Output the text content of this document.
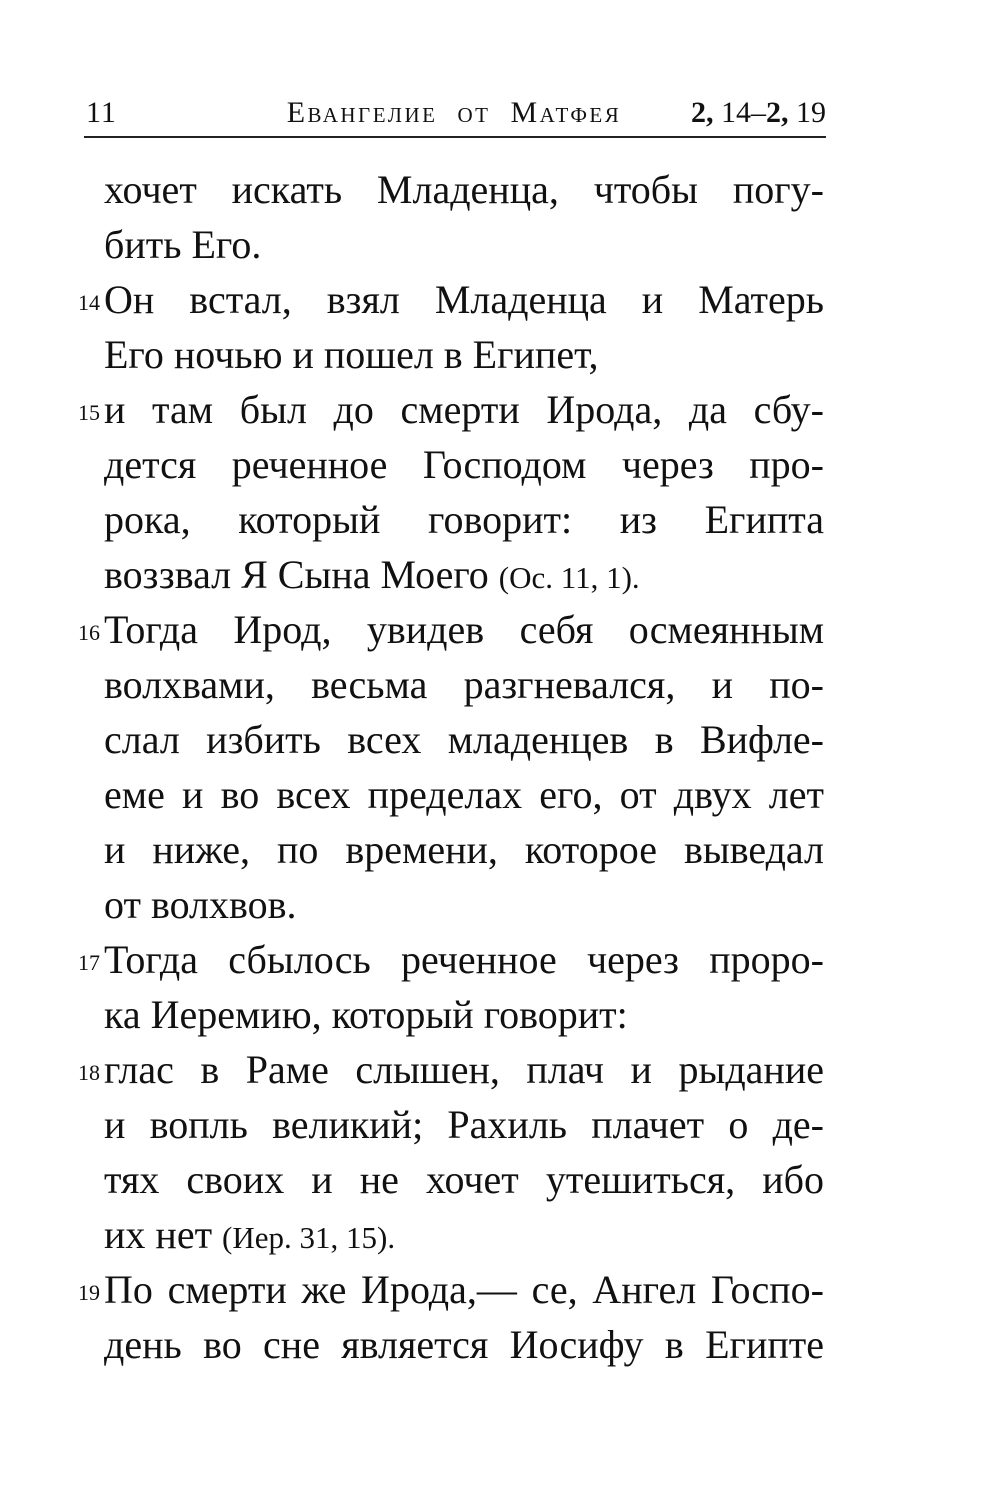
11	Евангелие от Матфея	2, 14–2, 19
хочет искать Младенца, чтобы погу-
бить Его.
14 Он встал, взял Младенца и Матерь
Его ночью и пошел в Египет,
15 и там был до смерти Ирода, да сбу-
дется реченное Господом через про-
рока, который говорит: из Египта
воззвал Я Сына Моего (Ос. 11, 1).
16 Тогда Ирод, увидев себя осмеянным
волхвами, весьма разгневался, и по-
слал избить всех младенцев в Вифле-
еме и во всех пределах его, от двух лет
и ниже, по времени, которое выведал
от волхвов.
17 Тогда сбылось реченное через проро-
ка Иеремию, который говорит:
18 глас в Раме слышен, плач и рыдание
и вопль великий; Рахиль плачет о де-
тях своих и не хочет утешиться, ибо
их нет (Иер. 31, 15).
19 По смерти же Ирода,— се, Ангел Госпо-
день во сне является Иосифу в Египте
